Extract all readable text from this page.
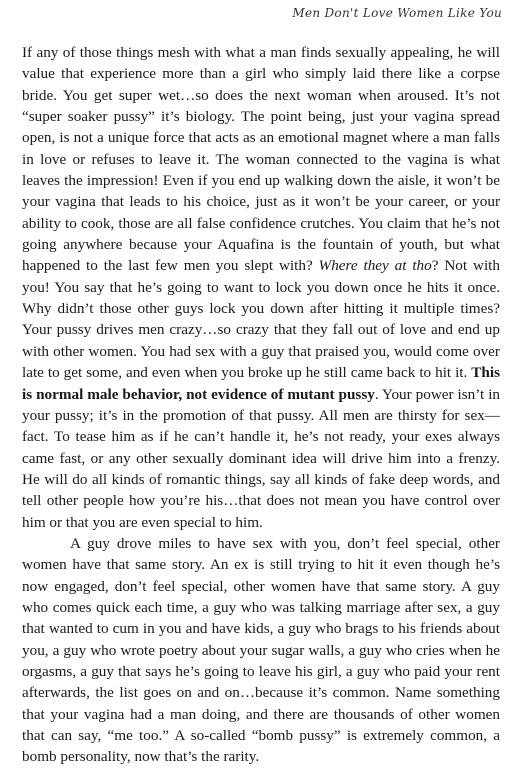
Men Don't Love Women Like You

If any of those things mesh with what a man finds sexually appealing, he will value that experience more than a girl who simply laid there like a corpse bride. You get super wet…so does the next woman when aroused. It’s not “super soaker pussy” it’s biology. The point being, just your vagina spread open, is not a unique force that acts as an emotional magnet where a man falls in love or refuses to leave it. The woman connected to the vagina is what leaves the impression! Even if you end up walking down the aisle, it won’t be your vagina that leads to his choice, just as it won’t be your career, or your ability to cook, those are all false confidence crutches. You claim that he’s not going anywhere because your Aquafina is the fountain of youth, but what happened to the last few men you slept with? Where they at tho? Not with you! You say that he’s going to want to lock you down once he hits it once. Why didn’t those other guys lock you down after hitting it multiple times? Your pussy drives men crazy…so crazy that they fall out of love and end up with other women. You had sex with a guy that praised you, would come over late to get some, and even when you broke up he still came back to hit it. This is normal male behavior, not evidence of mutant pussy. Your power isn’t in your pussy; it’s in the promotion of that pussy. All men are thirsty for sex—fact. To tease him as if he can’t handle it, he’s not ready, your exes always came fast, or any other sexually dominant idea will drive him into a frenzy. He will do all kinds of romantic things, say all kinds of fake deep words, and tell other people how you’re his…that does not mean you have control over him or that you are even special to him.

A guy drove miles to have sex with you, don’t feel special, other women have that same story. An ex is still trying to hit it even though he’s now engaged, don’t feel special, other women have that same story. A guy who comes quick each time, a guy who was talking marriage after sex, a guy that wanted to cum in you and have kids, a guy who brags to his friends about you, a guy who wrote poetry about your sugar walls, a guy who cries when he orgasms, a guy that says he’s going to leave his girl, a guy who paid your rent afterwards, the list goes on and on…because it’s common. Name something that your vagina had a man doing, and there are thousands of other women that can say, “me too.” A so-called “bomb pussy” is extremely common, a bomb personality, now that’s the rarity.
